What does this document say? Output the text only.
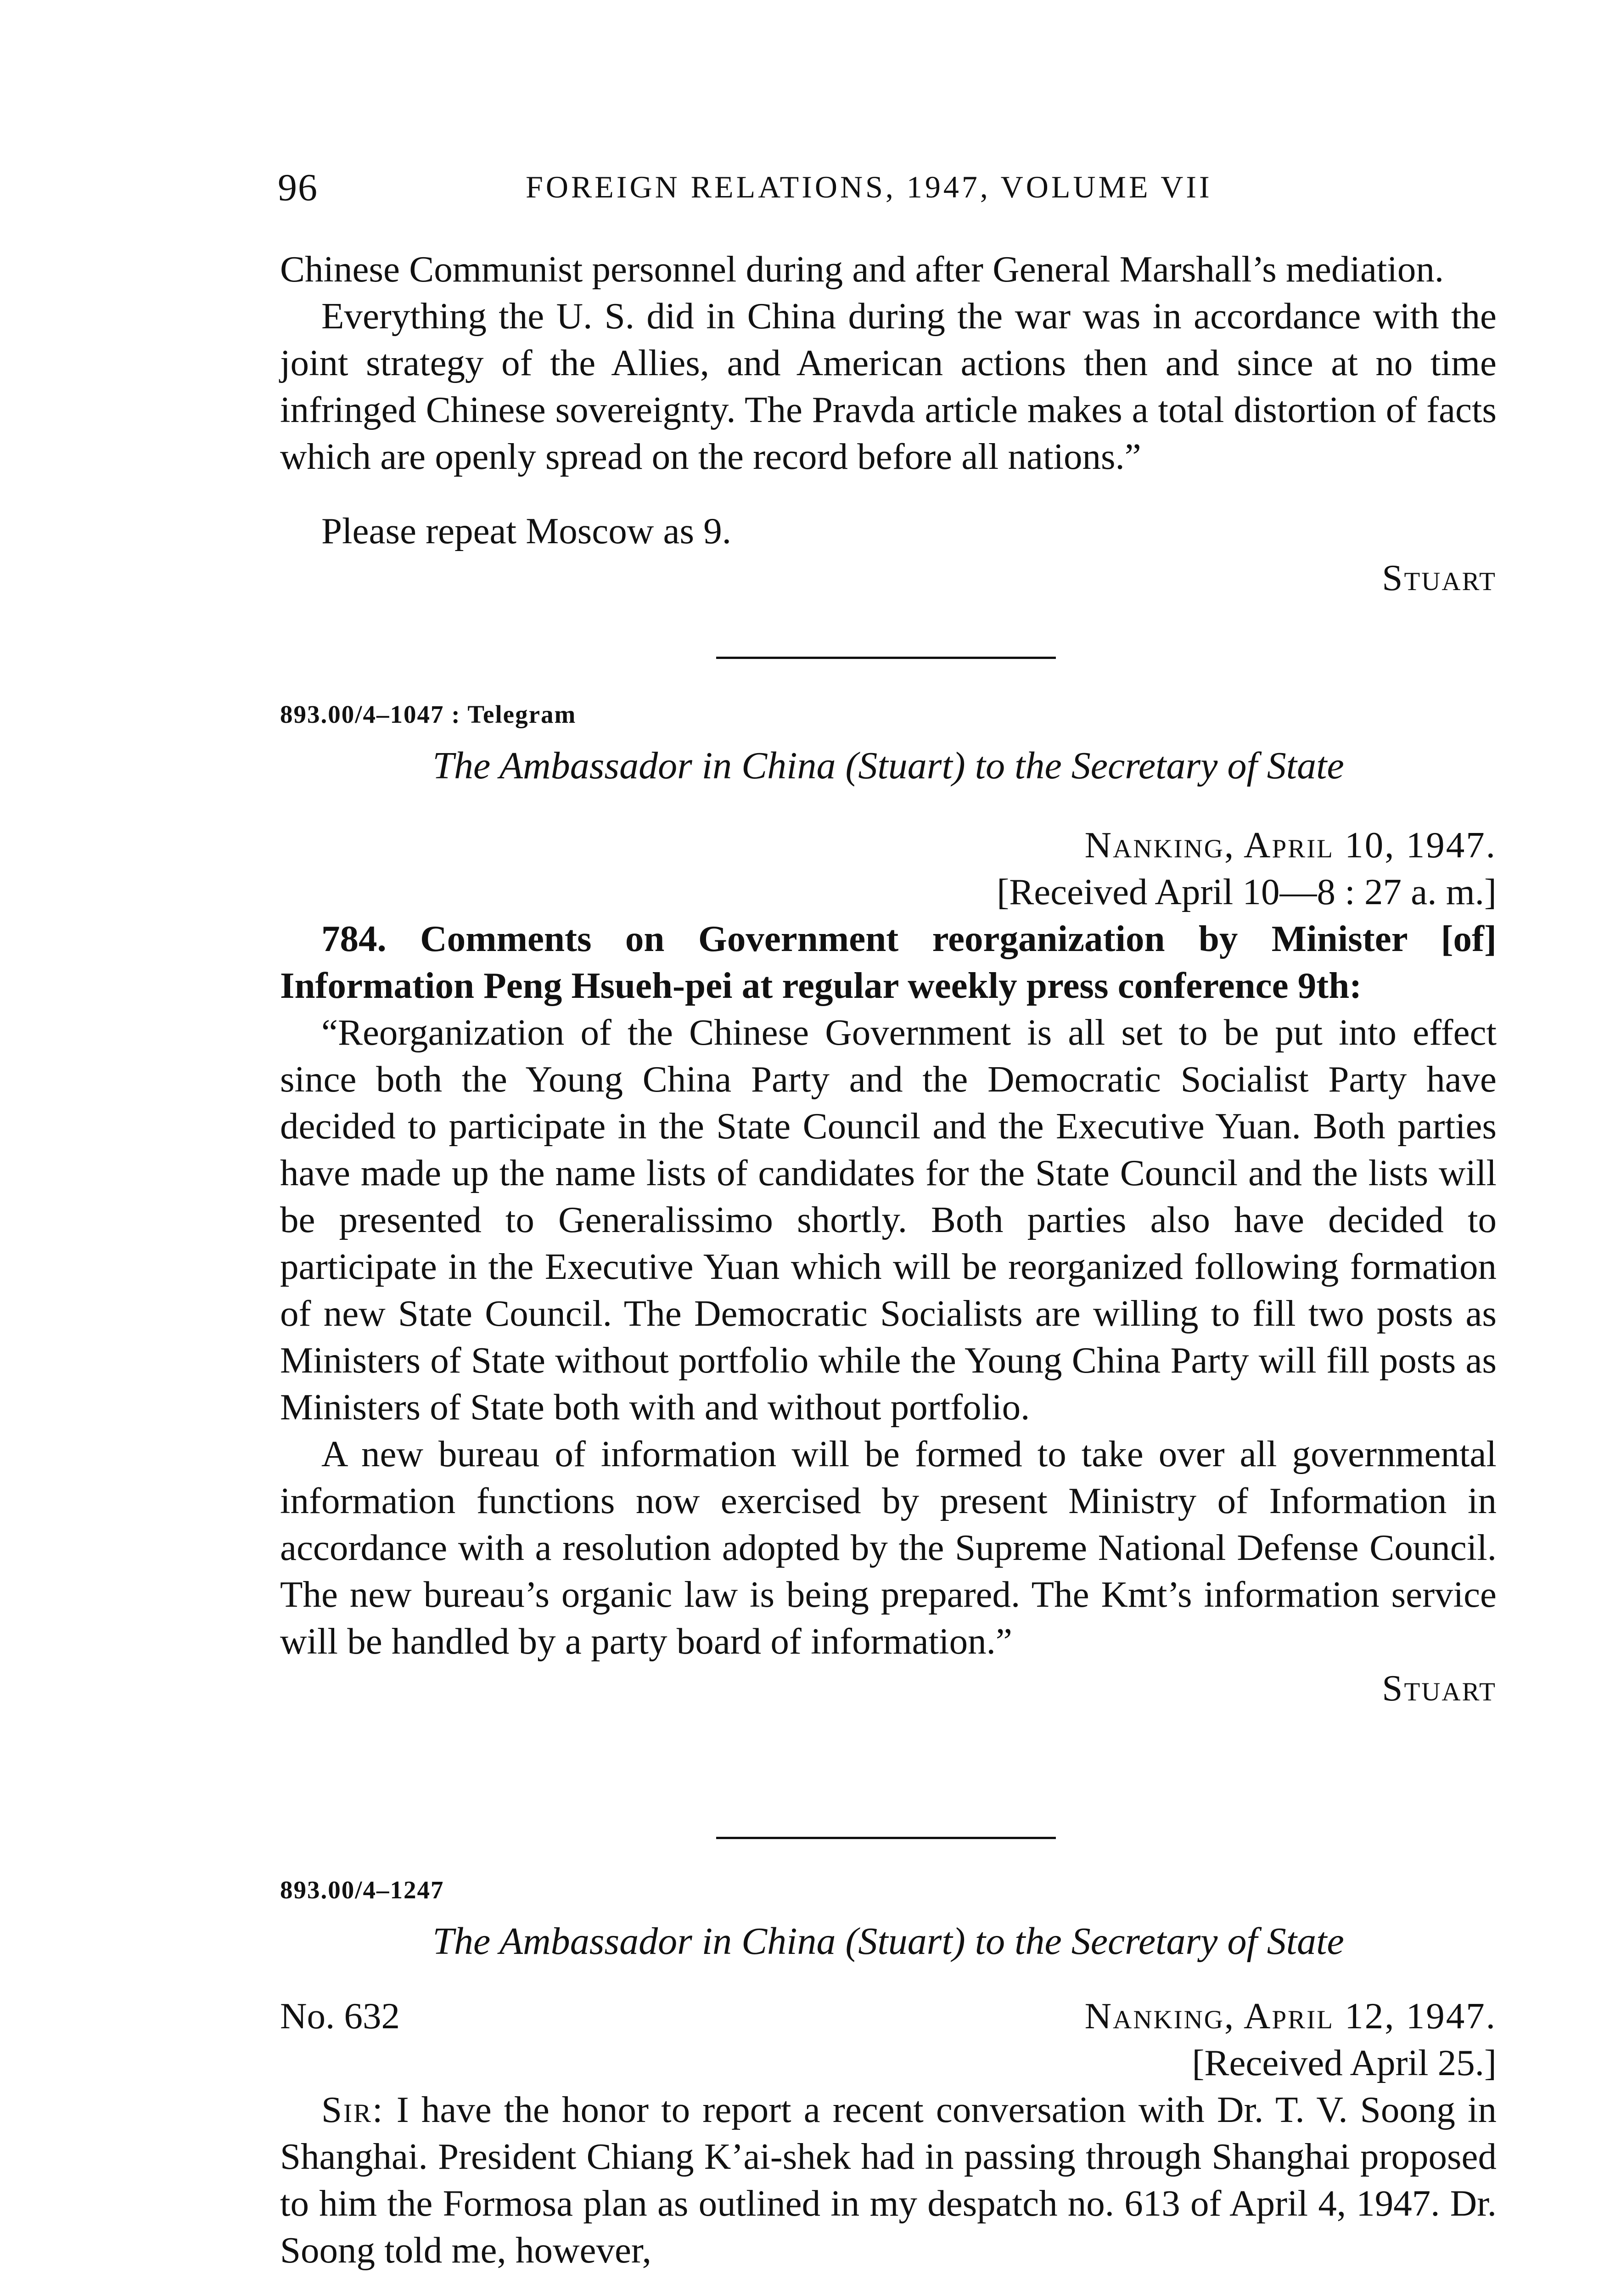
96	FOREIGN RELATIONS, 1947, VOLUME VII

Chinese Communist personnel during and after General Marshall’s mediation.

Everything the U. S. did in China during the war was in accordance with the joint strategy of the Allies, and American actions then and since at no time infringed Chinese sovereignty. The Pravda article makes a total distortion of facts which are openly spread on the record before all nations.”

Please repeat Moscow as 9.

Stuart

893.00/4–1047 : Telegram

The Ambassador in China (Stuart) to the Secretary of State

Nanking, April 10, 1947.

[Received April 10—8 : 27 a. m.]

784. Comments on Government reorganization by Minister [of] Information Peng Hsueh-pei at regular weekly press conference 9th:

“Reorganization of the Chinese Government is all set to be put into effect since both the Young China Party and the Democratic Socialist Party have decided to participate in the State Council and the Executive Yuan. Both parties have made up the name lists of candidates for the State Council and the lists will be presented to Generalissimo shortly. Both parties also have decided to participate in the Executive Yuan which will be reorganized following formation of new State Council. The Democratic Socialists are willing to fill two posts as Ministers of State without portfolio while the Young China Party will fill posts as Ministers of State both with and without portfolio.

A new bureau of information will be formed to take over all governmental information functions now exercised by present Ministry of Information in accordance with a resolution adopted by the Supreme National Defense Council. The new bureau’s organic law is being prepared. The Kmt’s information service will be handled by a party board of information.”

Stuart

893.00/4–1247

The Ambassador in China (Stuart) to the Secretary of State

No. 632	Nanking, April 12, 1947.

[Received April 25.]

Sir: I have the honor to report a recent conversation with Dr. T. V. Soong in Shanghai. President Chiang K’ai-shek had in passing through Shanghai proposed to him the Formosa plan as outlined in my despatch no. 613 of April 4, 1947. Dr. Soong told me, however,
